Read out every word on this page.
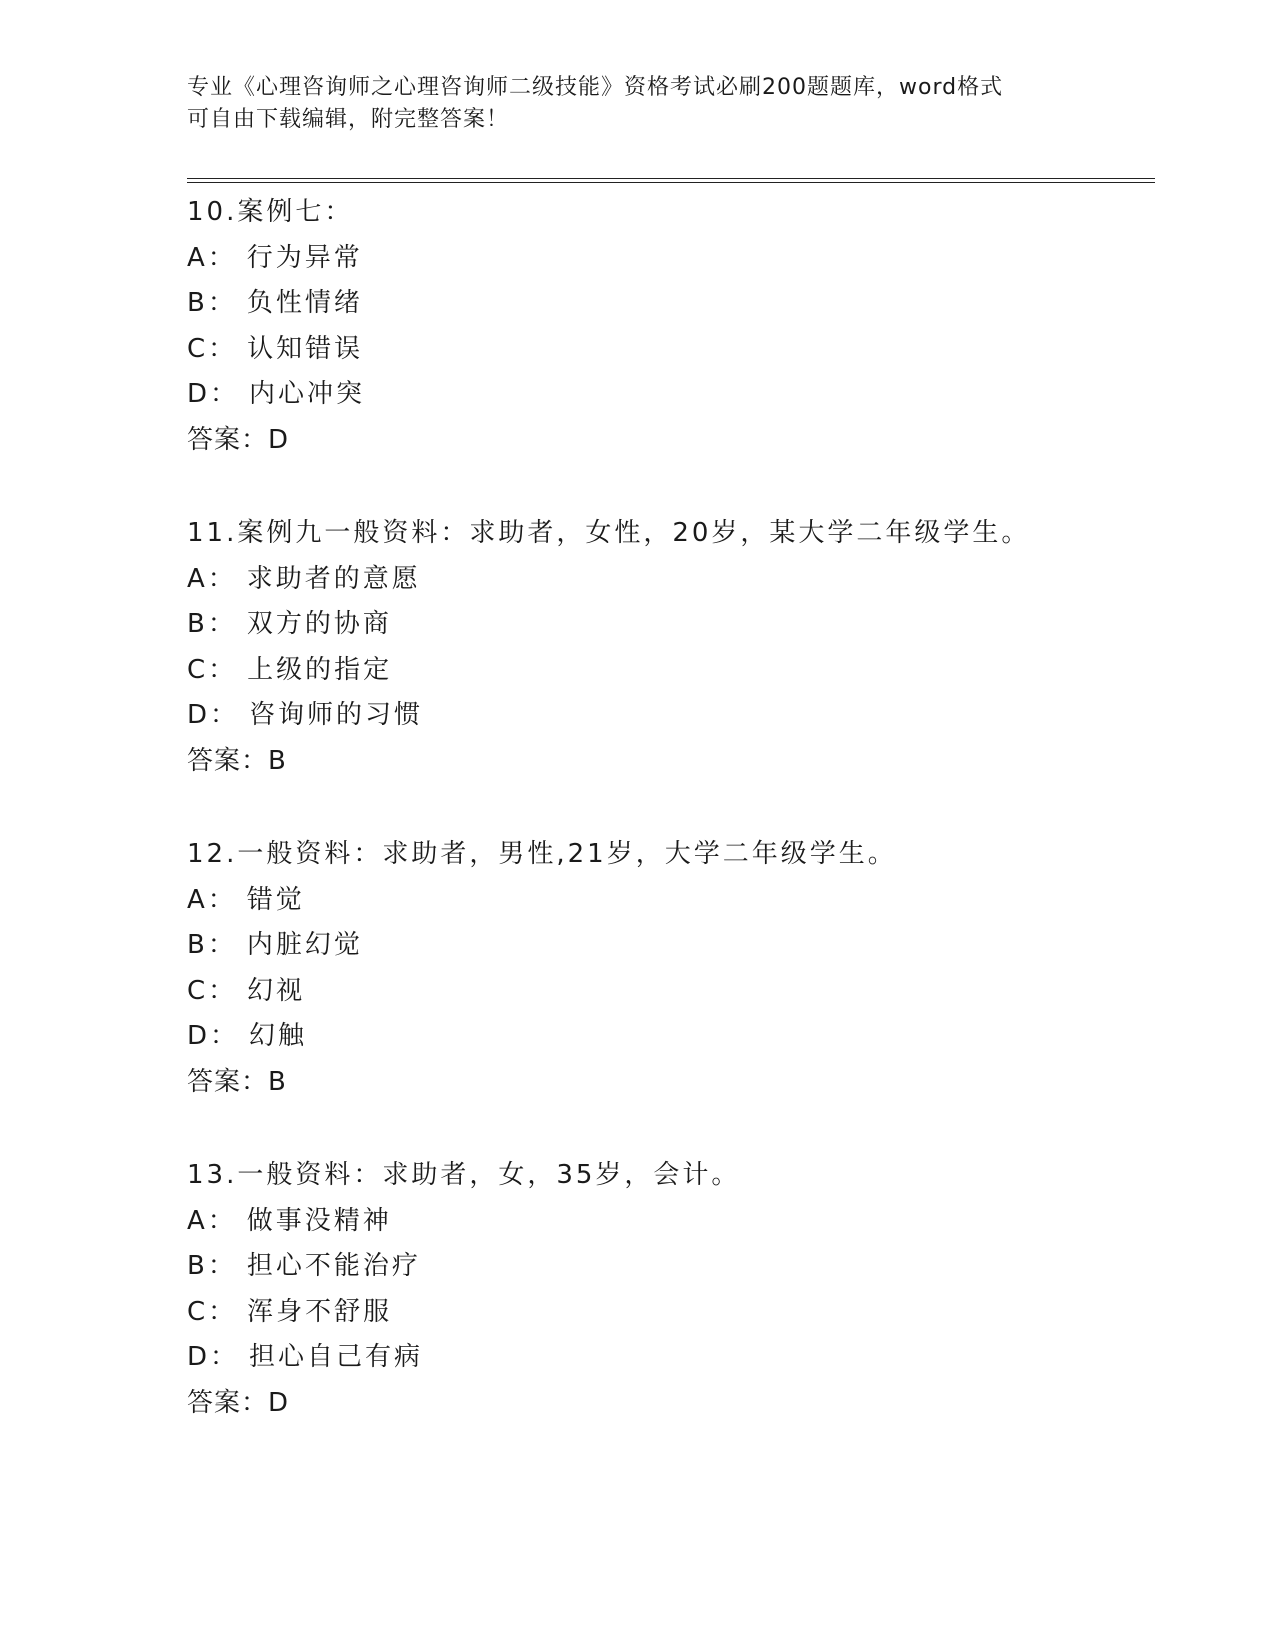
专业《心理咨询师之心理咨询师二级技能》资格考试必刷200题题库，word格式
可自由下载编辑，附完整答案！
10.案例七：
A： 行为异常
B： 负性情绪
C： 认知错误
D： 内心冲突
答案：D
11.案例九一般资料：求助者，女性，20岁，某大学二年级学生。
A： 求助者的意愿
B： 双方的协商
C： 上级的指定
D： 咨询师的习惯
答案：B
12.一般资料：求助者，男性,21岁，大学二年级学生。
A： 错觉
B： 内脏幻觉
C： 幻视
D： 幻触
答案：B
13.一般资料：求助者，女，35岁，会计。
A： 做事没精神
B： 担心不能治疗
C： 浑身不舒服
D： 担心自己有病
答案：D
